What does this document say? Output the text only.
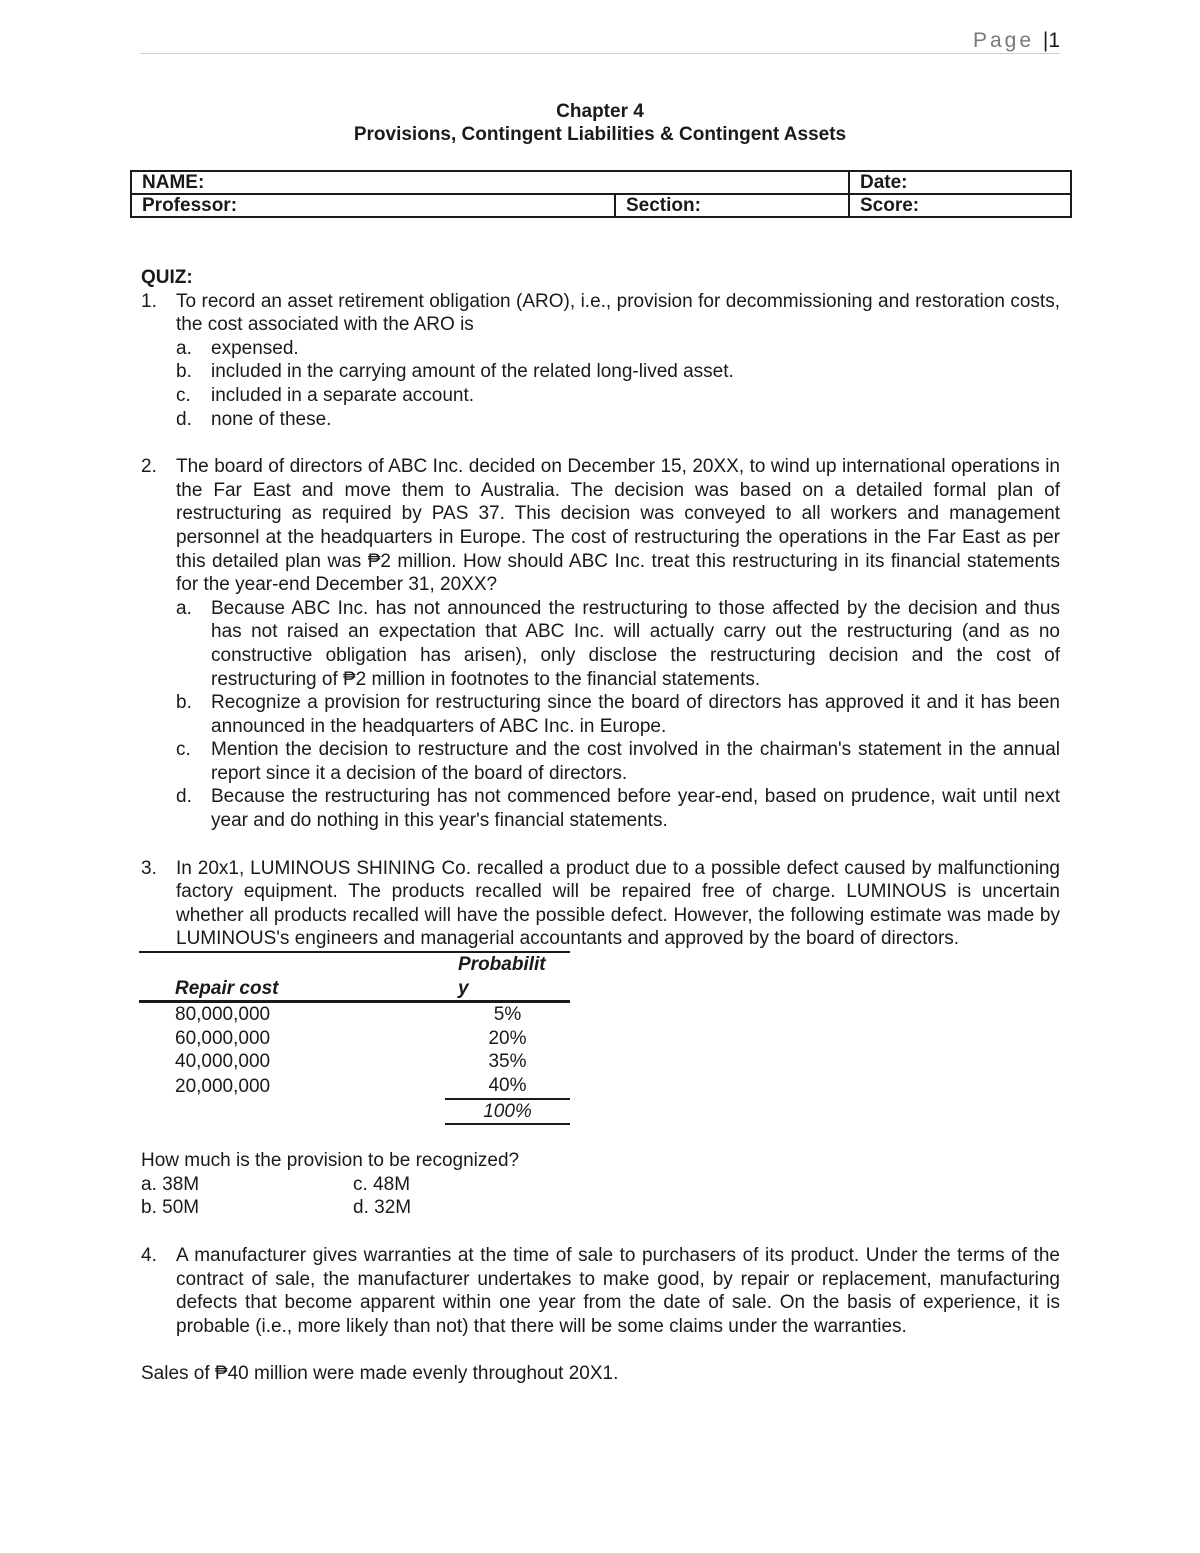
Page |1
Chapter 4
Provisions, Contingent Liabilities & Contingent Assets
NAME:		Date:
Professor:	Section:	Score:
QUIZ:
1.	To record an asset retirement obligation (ARO), i.e., provision for decommissioning and restoration costs, the cost associated with the ARO is
a.	expensed.
b.	included in the carrying amount of the related long-lived asset.
c.	included in a separate account.
d.	none of these.
2.	The board of directors of ABC Inc. decided on December 15, 20XX, to wind up international operations in the Far East and move them to Australia. The decision was based on a detailed formal plan of restructuring as required by PAS 37. This decision was conveyed to all workers and management personnel at the headquarters in Europe. The cost of restructuring the operations in the Far East as per this detailed plan was ₱2 million. How should ABC Inc. treat this restructuring in its financial statements for the year-end December 31, 20XX?
a.	Because ABC Inc. has not announced the restructuring to those affected by the decision and thus has not raised an expectation that ABC Inc. will actually carry out the restructuring (and as no constructive obligation has arisen), only disclose the restructuring decision and the cost of restructuring of ₱2 million in footnotes to the financial statements.
b.	Recognize a provision for restructuring since the board of directors has approved it and it has been announced in the headquarters of ABC Inc. in Europe.
c.	Mention the decision to restructure and the cost involved in the chairman's statement in the annual report since it a decision of the board of directors.
d.	Because the restructuring has not commenced before year-end, based on prudence, wait until next year and do nothing in this year's financial statements.
3.	In 20x1, LUMINOUS SHINING Co. recalled a product due to a possible defect caused by malfunctioning factory equipment. The products recalled will be repaired free of charge. LUMINOUS is uncertain whether all products recalled will have the possible defect. However, the following estimate was made by LUMINOUS's engineers and managerial accountants and approved by the board of directors.
	Probabilit
Repair cost	y
80,000,000	5%
60,000,000	20%
40,000,000	35%
20,000,000	40%
	100%
How much is the provision to be recognized?
a. 38M	c. 48M
b. 50M	d. 32M
4.	A manufacturer gives warranties at the time of sale to purchasers of its product. Under the terms of the contract of sale, the manufacturer undertakes to make good, by repair or replacement, manufacturing defects that become apparent within one year from the date of sale. On the basis of experience, it is probable (i.e., more likely than not) that there will be some claims under the warranties.
Sales of ₱40 million were made evenly throughout 20X1.
